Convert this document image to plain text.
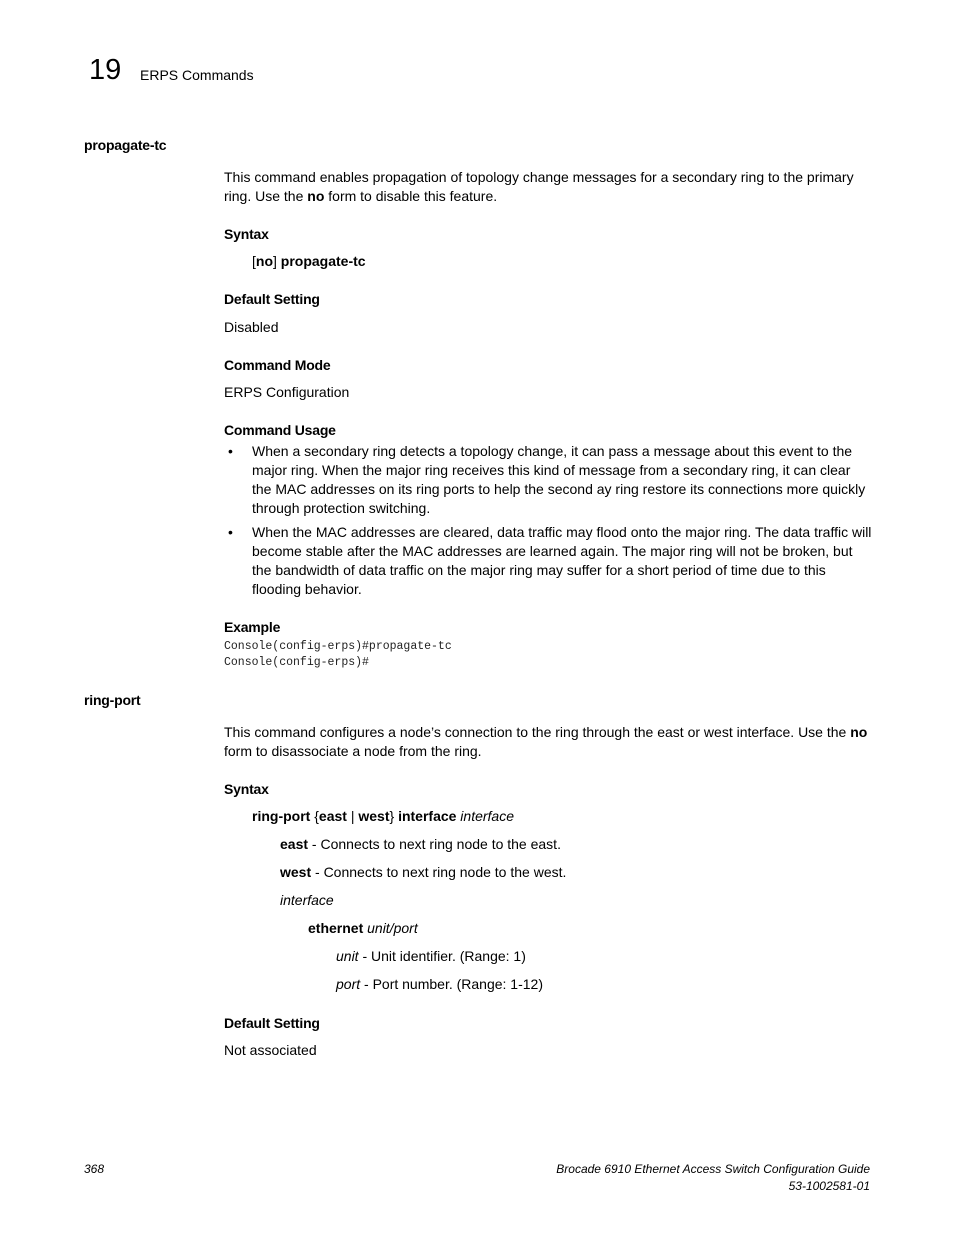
19 ERPS Commands
propagate-tc
This command enables propagation of topology change messages for a secondary ring to the primary ring. Use the no form to disable this feature.
Syntax
[no] propagate-tc
Default Setting
Disabled
Command Mode
ERPS Configuration
Command Usage
• When a secondary ring detects a topology change, it can pass a message about this event to the major ring. When the major ring receives this kind of message from a secondary ring, it can clear the MAC addresses on its ring ports to help the second ay ring restore its connections more quickly through protection switching.
• When the MAC addresses are cleared, data traffic may flood onto the major ring. The data traffic will become stable after the MAC addresses are learned again. The major ring will not be broken, but the bandwidth of data traffic on the major ring may suffer for a short period of time due to this flooding behavior.
Example
Console(config-erps)#propagate-tc
Console(config-erps)#
ring-port
This command configures a node’s connection to the ring through the east or west interface. Use the no form to disassociate a node from the ring.
Syntax
ring-port {east | west} interface interface
east - Connects to next ring node to the east.
west - Connects to next ring node to the west.
interface
ethernet unit/port
unit - Unit identifier. (Range: 1)
port - Port number. (Range: 1-12)
Default Setting
Not associated
368	Brocade 6910 Ethernet Access Switch Configuration Guide
53-1002581-01
